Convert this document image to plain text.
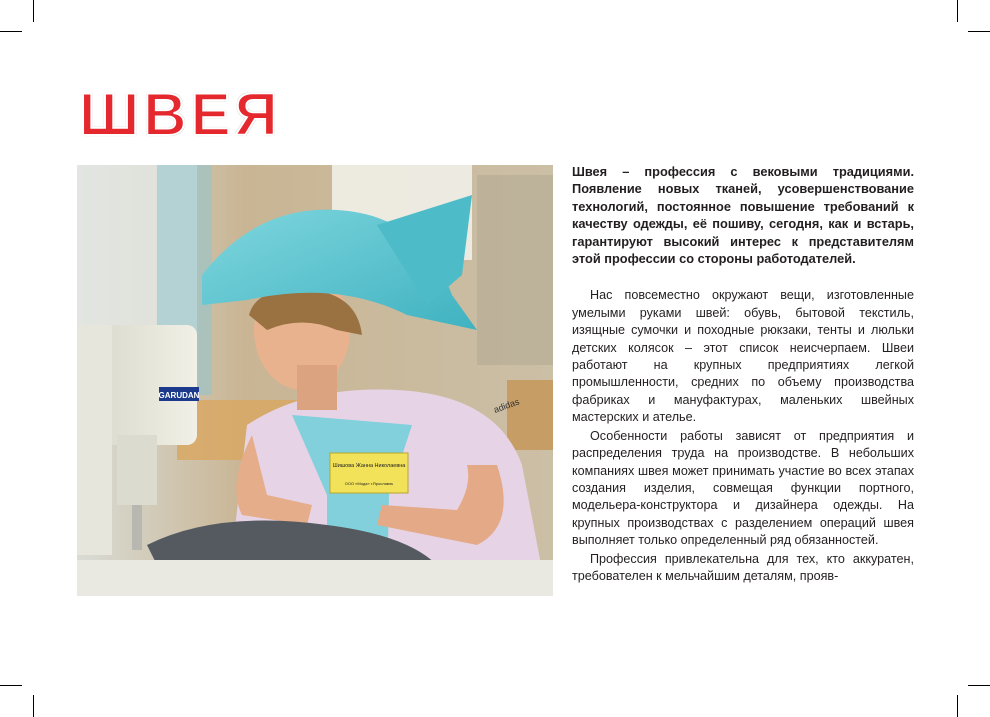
ШВЕЯ
GARUDAN
adidas
Шишова Жанна Николаевна
ООО «Мода» г.Ярославль

Швея – профессия с вековыми традициями. Появление новых тканей, усовершенствование технологий, постоянное повышение требований к качеству одежды, её пошиву, сегодня, как и встарь, гарантируют высокий интерес к представителям этой профессии со стороны работодателей.

Нас повсеместно окружают вещи, изготовленные умелыми руками швей: обувь, бытовой текстиль, изящные сумочки и походные рюкзаки, тенты и люльки детских колясок – этот список неисчерпаем. Швеи работают на крупных предприятиях легкой промышленности, средних по объему производства фабриках и мануфактурах, маленьких швейных мастерских и ателье.

Особенности работы зависят от предприятия и распределения труда на производстве. В небольших компаниях швея может принимать участие во всех этапах создания изделия, совмещая функции портного, модельера-конструктора и дизайнера одежды. На крупных производствах с разделением операций швея выполняет только определенный ряд обязанностей.

Профессия привлекательна для тех, кто аккуратен, требователен к мельчайшим деталям, прояв-
